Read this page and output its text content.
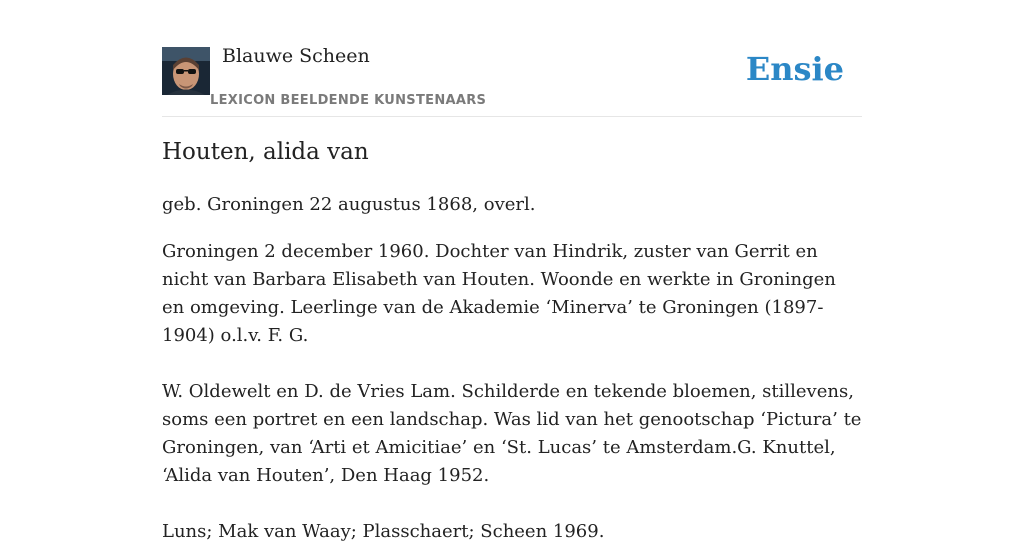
Blauwe Scheen
LEXICON BEELDENDE KUNSTENAARS
Ensie
Houten, alida van

geb. Groningen 22 augustus 1868, overl.

Groningen 2 december 1960. Dochter van Hindrik, zuster van Gerrit en nicht van Barbara Elisabeth van Houten. Woonde en werkte in Groningen en omgeving. Leerlinge van de Akademie ‘Minerva’ te Groningen (1897-1904) o.l.v. F. G.

W. Oldewelt en D. de Vries Lam. Schilderde en tekende bloemen, stillevens, soms een portret en een landschap. Was lid van het genootschap ‘Pictura’ te Groningen, van ‘Arti et Amicitiae’ en ‘St. Lucas’ te Amsterdam.G. Knuttel, ‘Alida van Houten’, Den Haag 1952.

Luns; Mak van Waay; Plasschaert; Scheen 1969.
